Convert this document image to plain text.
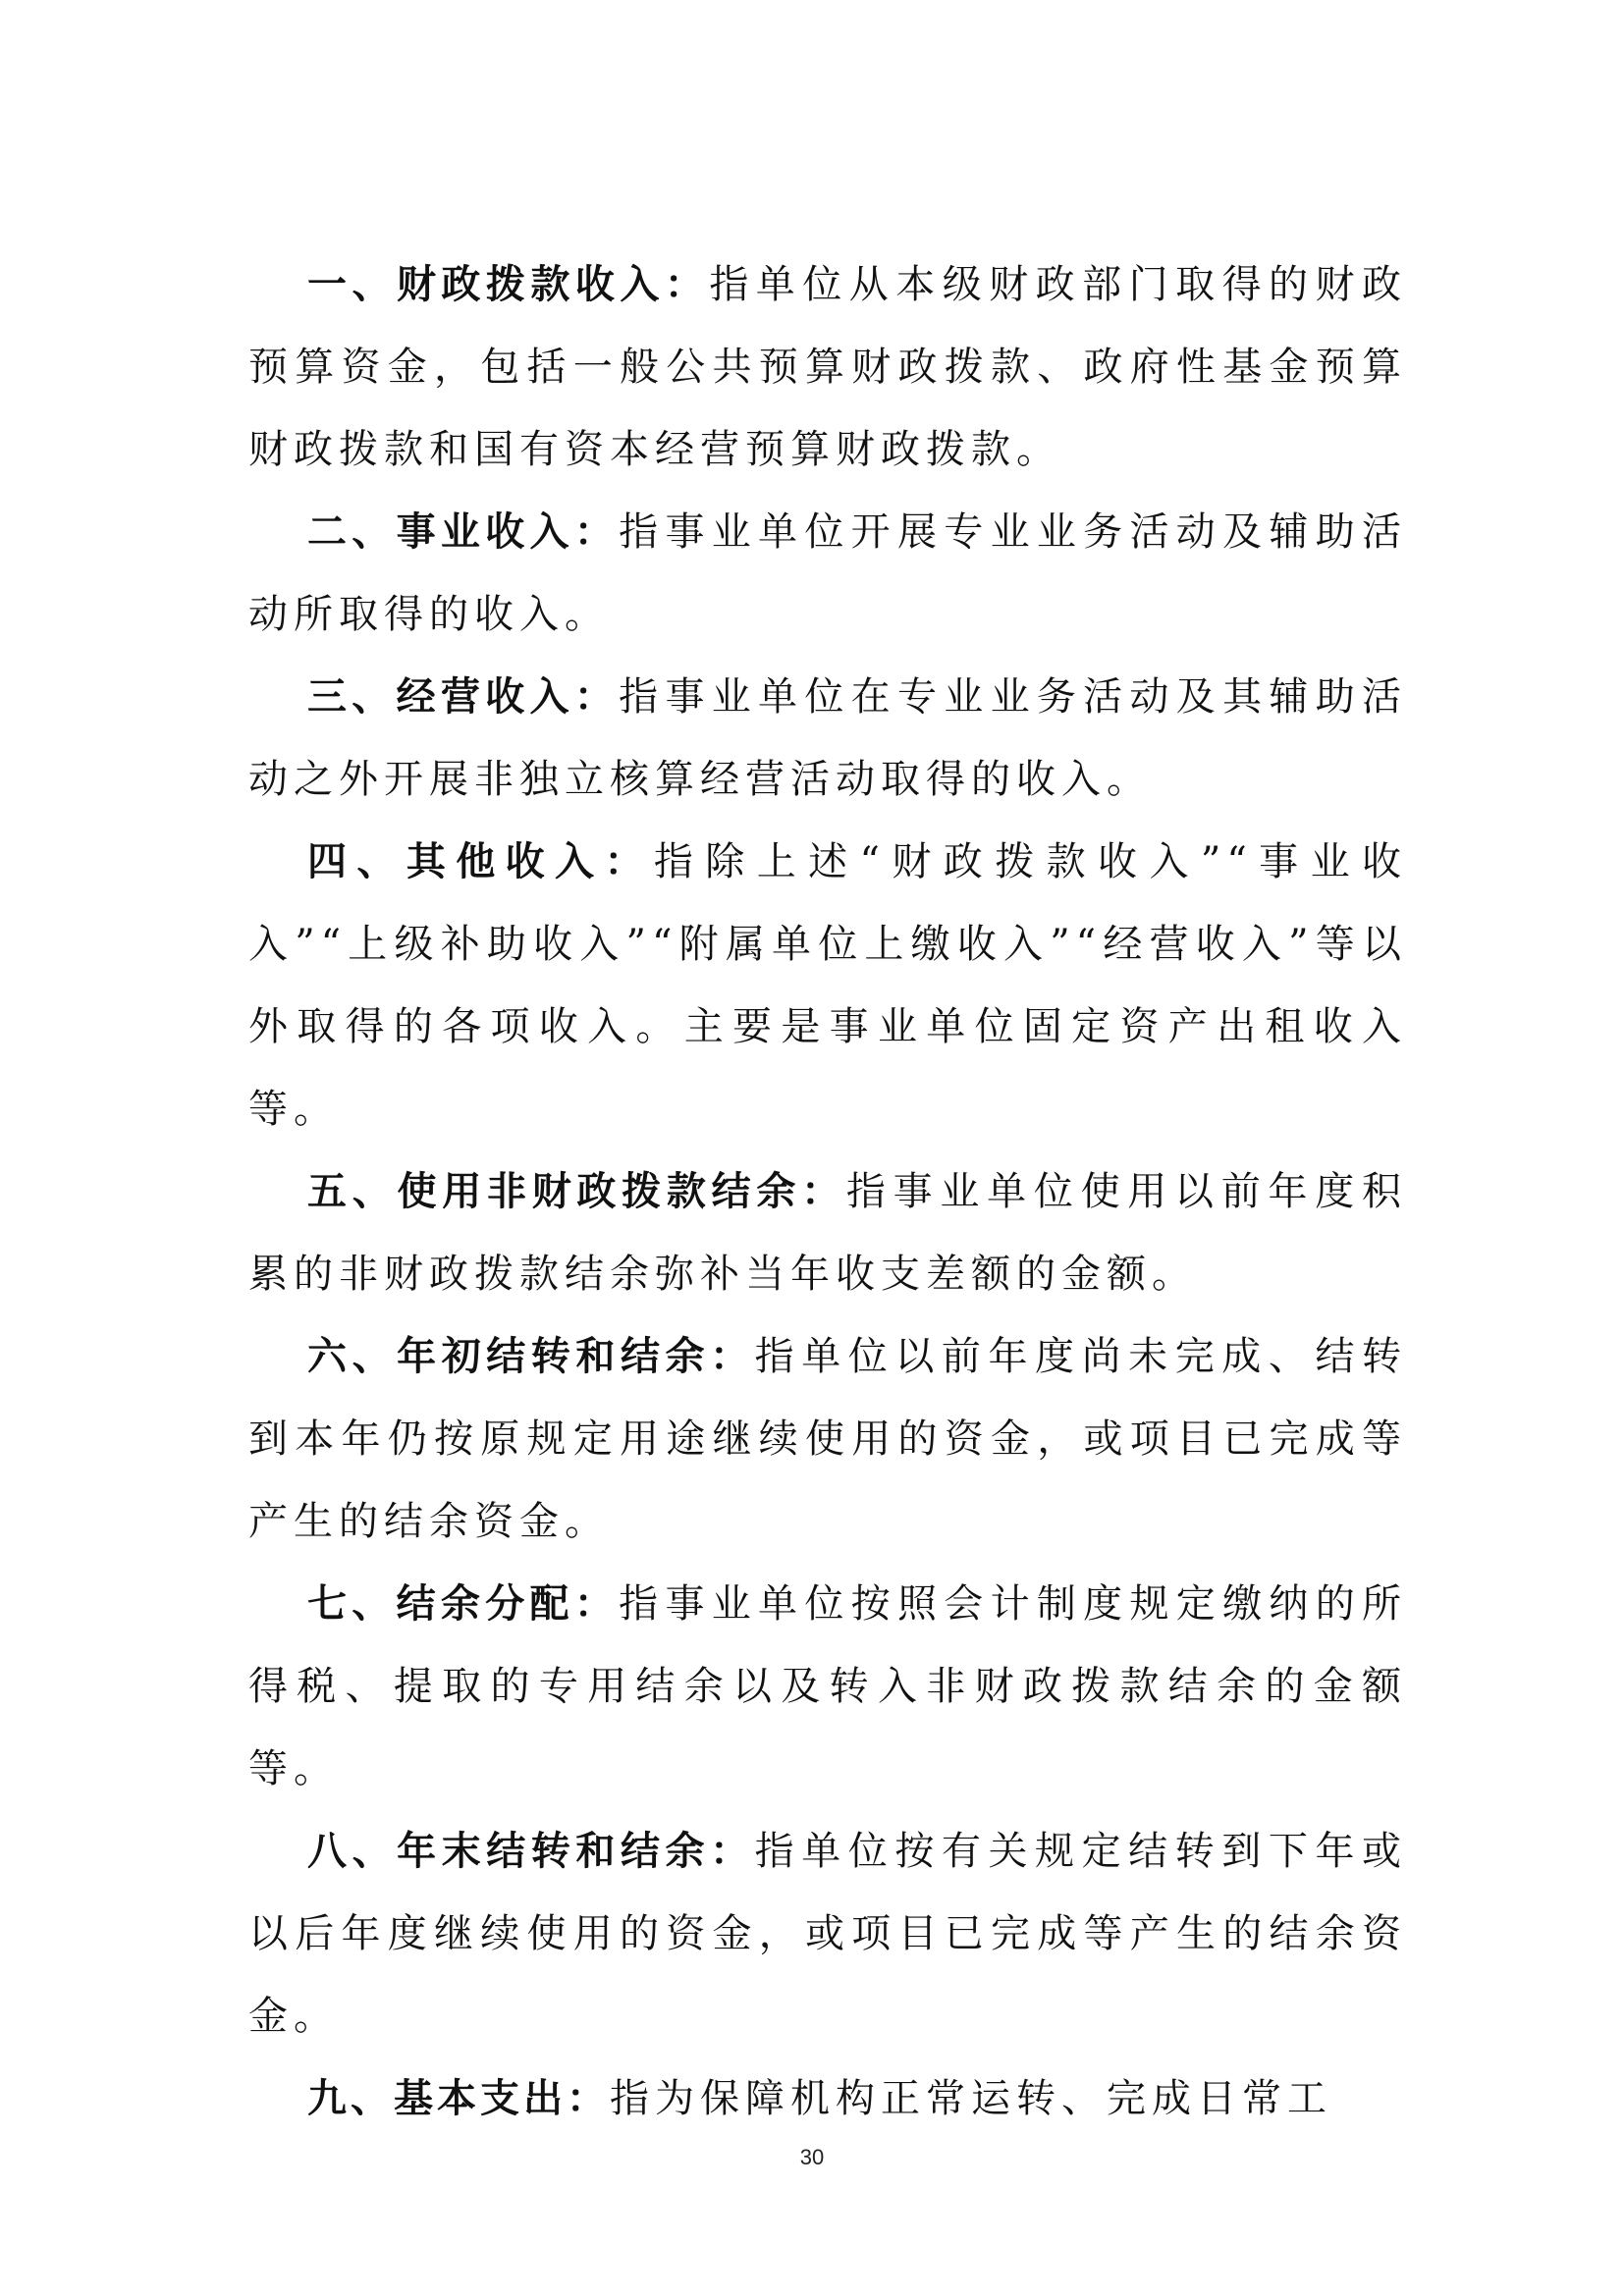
一、财政拨款收入：指单位从本级财政部门取得的财政预算资金，包括一般公共预算财政拨款、政府性基金预算财政拨款和国有资本经营预算财政拨款。

二、事业收入：指事业单位开展专业业务活动及辅助活动所取得的收入。

三、经营收入：指事业单位在专业业务活动及其辅助活动之外开展非独立核算经营活动取得的收入。

四、其他收入：指除上述“财政拨款收入”“事业收入”“上级补助收入”“附属单位上缴收入”“经营收入”等以外取得的各项收入。主要是事业单位固定资产出租收入等。

五、使用非财政拨款结余：指事业单位使用以前年度积累的非财政拨款结余弥补当年收支差额的金额。

六、年初结转和结余：指单位以前年度尚未完成、结转到本年仍按原规定用途继续使用的资金，或项目已完成等产生的结余资金。

七、结余分配：指事业单位按照会计制度规定缴纳的所得税、提取的专用结余以及转入非财政拨款结余的金额等。

八、年末结转和结余：指单位按有关规定结转到下年或以后年度继续使用的资金，或项目已完成等产生的结余资金。

九、基本支出：指为保障机构正常运转、完成日常工

30
